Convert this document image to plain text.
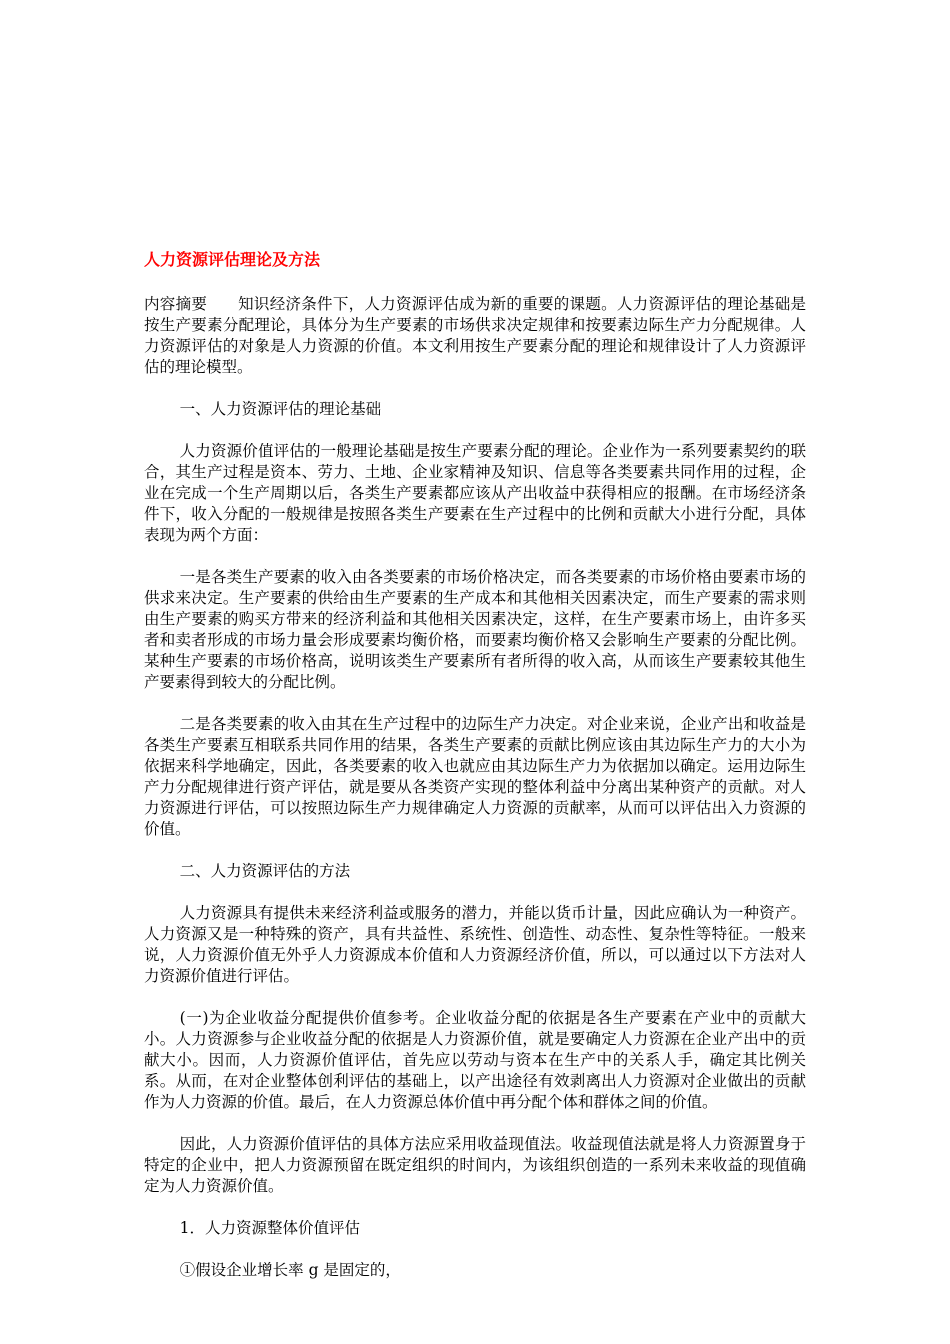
人力资源评估理论及方法

内容摘要 知识经济条件下，人力资源评估成为新的重要的课题。人力资源评估的理论基础是按生产要素分配理论，具体分为生产要素的市场供求决定规律和按要素边际生产力分配规律。人力资源评估的对象是人力资源的价值。本文利用按生产要素分配的理论和规律设计了人力资源评估的理论模型。

一、人力资源评估的理论基础

人力资源价值评估的一般理论基础是按生产要素分配的理论。企业作为一系列要素契约的联合，其生产过程是资本、劳力、土地、企业家精神及知识、信息等各类要素共同作用的过程，企业在完成一个生产周期以后，各类生产要素都应该从产出收益中获得相应的报酬。在市场经济条件下，收入分配的一般规律是按照各类生产要素在生产过程中的比例和贡献大小进行分配，具体表现为两个方面：

一是各类生产要素的收入由各类要素的市场价格决定，而各类要素的市场价格由要素市场的供求来决定。生产要素的供给由生产要素的生产成本和其他相关因素决定，而生产要素的需求则由生产要素的购买方带来的经济利益和其他相关因素决定，这样，在生产要素市场上，由许多买者和卖者形成的市场力量会形成要素均衡价格，而要素均衡价格又会影响生产要素的分配比例。某种生产要素的市场价格高，说明该类生产要素所有者所得的收入高，从而该生产要素较其他生产要素得到较大的分配比例。

二是各类要素的收入由其在生产过程中的边际生产力决定。对企业来说，企业产出和收益是各类生产要素互相联系共同作用的结果，各类生产要素的贡献比例应该由其边际生产力的大小为依据来科学地确定，因此，各类要素的收入也就应由其边际生产力为依据加以确定。运用边际生产力分配规律进行资产评估，就是要从各类资产实现的整体利益中分离出某种资产的贡献。对人力资源进行评估，可以按照边际生产力规律确定人力资源的贡献率，从而可以评估出入力资源的价值。

二、人力资源评估的方法

人力资源具有提供未来经济利益或服务的潜力，并能以货币计量，因此应确认为一种资产。人力资源又是一种特殊的资产，具有共益性、系统性、创造性、动态性、复杂性等特征。一般来说，人力资源价值无外乎人力资源成本价值和人力资源经济价值，所以，可以通过以下方法对人力资源价值进行评估。

(一)为企业收益分配提供价值参考。企业收益分配的依据是各生产要素在产业中的贡献大小。人力资源参与企业收益分配的依据是人力资源价值，就是要确定人力资源在企业产出中的贡献大小。因而，人力资源价值评估，首先应以劳动与资本在生产中的关系人手，确定其比例关系。从而，在对企业整体创利评估的基础上，以产出途径有效剥离出人力资源对企业做出的贡献作为人力资源的价值。最后，在人力资源总体价值中再分配个体和群体之间的价值。

因此，人力资源价值评估的具体方法应采用收益现值法。收益现值法就是将人力资源置身于特定的企业中，把人力资源预留在既定组织的时间内，为该组织创造的一系列未来收益的现值确定为人力资源价值。

1．人力资源整体价值评估

①假设企业增长率 g 是固定的，
